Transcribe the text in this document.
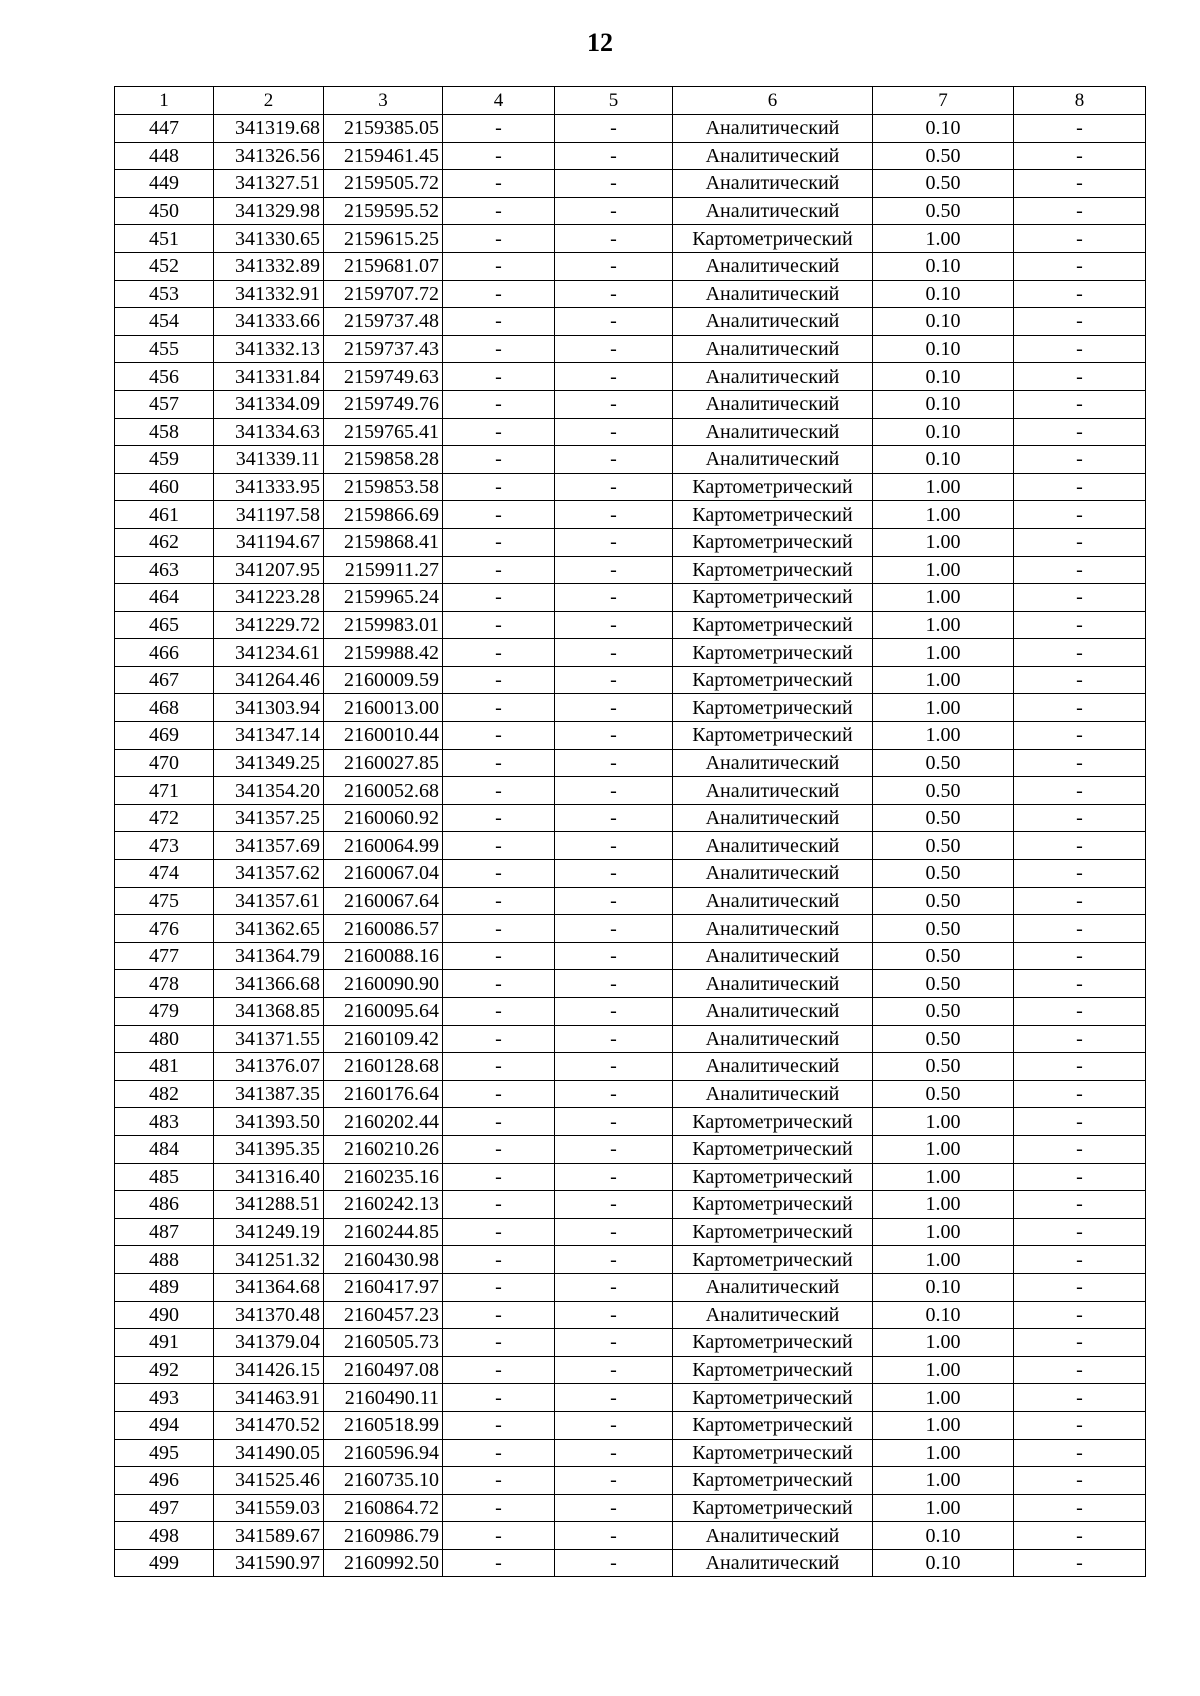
12
1	2	3	4	5	6	7	8
447	341319.68	2159385.05	-	-	Аналитический	0.10	-
448	341326.56	2159461.45	-	-	Аналитический	0.50	-
449	341327.51	2159505.72	-	-	Аналитический	0.50	-
450	341329.98	2159595.52	-	-	Аналитический	0.50	-
451	341330.65	2159615.25	-	-	Картометрический	1.00	-
452	341332.89	2159681.07	-	-	Аналитический	0.10	-
453	341332.91	2159707.72	-	-	Аналитический	0.10	-
454	341333.66	2159737.48	-	-	Аналитический	0.10	-
455	341332.13	2159737.43	-	-	Аналитический	0.10	-
456	341331.84	2159749.63	-	-	Аналитический	0.10	-
457	341334.09	2159749.76	-	-	Аналитический	0.10	-
458	341334.63	2159765.41	-	-	Аналитический	0.10	-
459	341339.11	2159858.28	-	-	Аналитический	0.10	-
460	341333.95	2159853.58	-	-	Картометрический	1.00	-
461	341197.58	2159866.69	-	-	Картометрический	1.00	-
462	341194.67	2159868.41	-	-	Картометрический	1.00	-
463	341207.95	2159911.27	-	-	Картометрический	1.00	-
464	341223.28	2159965.24	-	-	Картометрический	1.00	-
465	341229.72	2159983.01	-	-	Картометрический	1.00	-
466	341234.61	2159988.42	-	-	Картометрический	1.00	-
467	341264.46	2160009.59	-	-	Картометрический	1.00	-
468	341303.94	2160013.00	-	-	Картометрический	1.00	-
469	341347.14	2160010.44	-	-	Картометрический	1.00	-
470	341349.25	2160027.85	-	-	Аналитический	0.50	-
471	341354.20	2160052.68	-	-	Аналитический	0.50	-
472	341357.25	2160060.92	-	-	Аналитический	0.50	-
473	341357.69	2160064.99	-	-	Аналитический	0.50	-
474	341357.62	2160067.04	-	-	Аналитический	0.50	-
475	341357.61	2160067.64	-	-	Аналитический	0.50	-
476	341362.65	2160086.57	-	-	Аналитический	0.50	-
477	341364.79	2160088.16	-	-	Аналитический	0.50	-
478	341366.68	2160090.90	-	-	Аналитический	0.50	-
479	341368.85	2160095.64	-	-	Аналитический	0.50	-
480	341371.55	2160109.42	-	-	Аналитический	0.50	-
481	341376.07	2160128.68	-	-	Аналитический	0.50	-
482	341387.35	2160176.64	-	-	Аналитический	0.50	-
483	341393.50	2160202.44	-	-	Картометрический	1.00	-
484	341395.35	2160210.26	-	-	Картометрический	1.00	-
485	341316.40	2160235.16	-	-	Картометрический	1.00	-
486	341288.51	2160242.13	-	-	Картометрический	1.00	-
487	341249.19	2160244.85	-	-	Картометрический	1.00	-
488	341251.32	2160430.98	-	-	Картометрический	1.00	-
489	341364.68	2160417.97	-	-	Аналитический	0.10	-
490	341370.48	2160457.23	-	-	Аналитический	0.10	-
491	341379.04	2160505.73	-	-	Картометрический	1.00	-
492	341426.15	2160497.08	-	-	Картометрический	1.00	-
493	341463.91	2160490.11	-	-	Картометрический	1.00	-
494	341470.52	2160518.99	-	-	Картометрический	1.00	-
495	341490.05	2160596.94	-	-	Картометрический	1.00	-
496	341525.46	2160735.10	-	-	Картометрический	1.00	-
497	341559.03	2160864.72	-	-	Картометрический	1.00	-
498	341589.67	2160986.79	-	-	Аналитический	0.10	-
499	341590.97	2160992.50	-	-	Аналитический	0.10	-
